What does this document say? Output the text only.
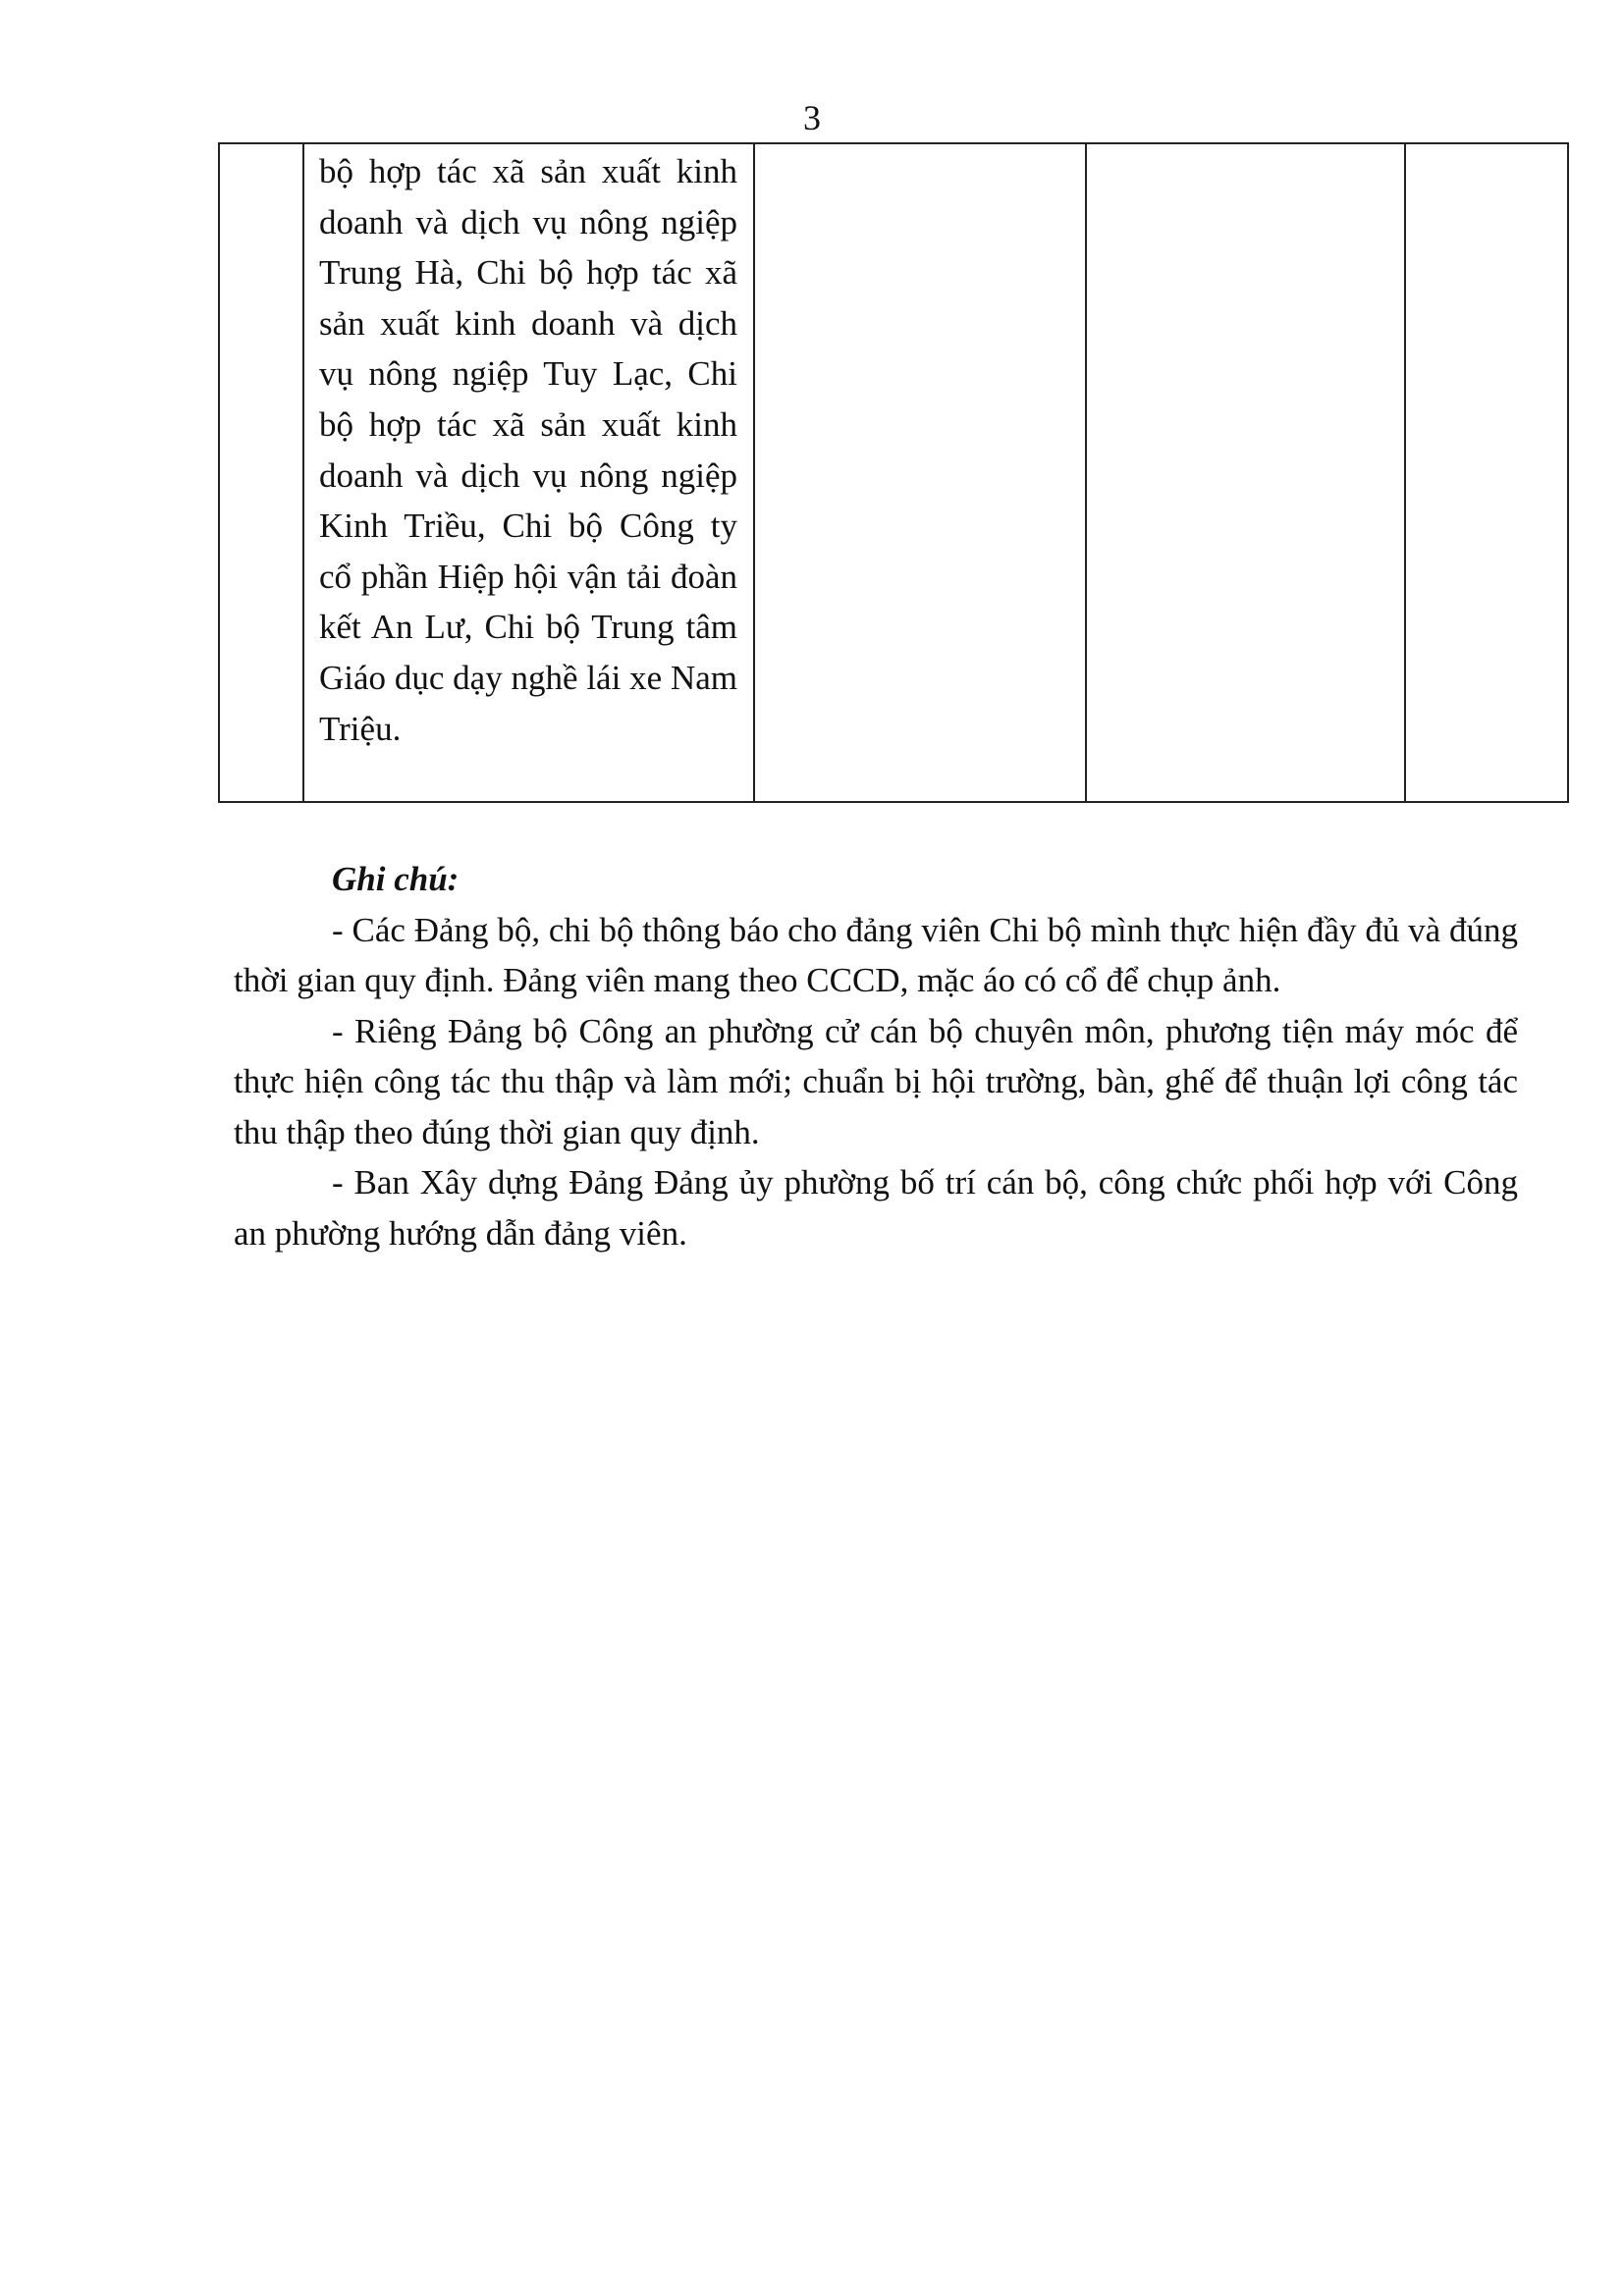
3

bộ hợp tác xã sản xuất kinh doanh và dịch vụ nông ngiệp Trung Hà, Chi bộ hợp tác xã sản xuất kinh doanh và dịch vụ nông ngiệp Tuy Lạc, Chi bộ hợp tác xã sản xuất kinh doanh và dịch vụ nông ngiệp Kinh Triều, Chi bộ Công ty cổ phần Hiệp hội vận tải đoàn kết An Lư, Chi bộ Trung tâm Giáo dục dạy nghề lái xe Nam Triệu.

Ghi chú:

- Các Đảng bộ, chi bộ thông báo cho đảng viên Chi bộ mình thực hiện đầy đủ và đúng thời gian quy định. Đảng viên mang theo CCCD, mặc áo có cổ để chụp ảnh.

- Riêng Đảng bộ Công an phường cử cán bộ chuyên môn, phương tiện máy móc để thực hiện công tác thu thập và làm mới; chuẩn bị hội trường, bàn, ghế để thuận lợi công tác thu thập theo đúng thời gian quy định.

- Ban Xây dựng Đảng Đảng ủy phường bố trí cán bộ, công chức phối hợp với Công an phường hướng dẫn đảng viên.
